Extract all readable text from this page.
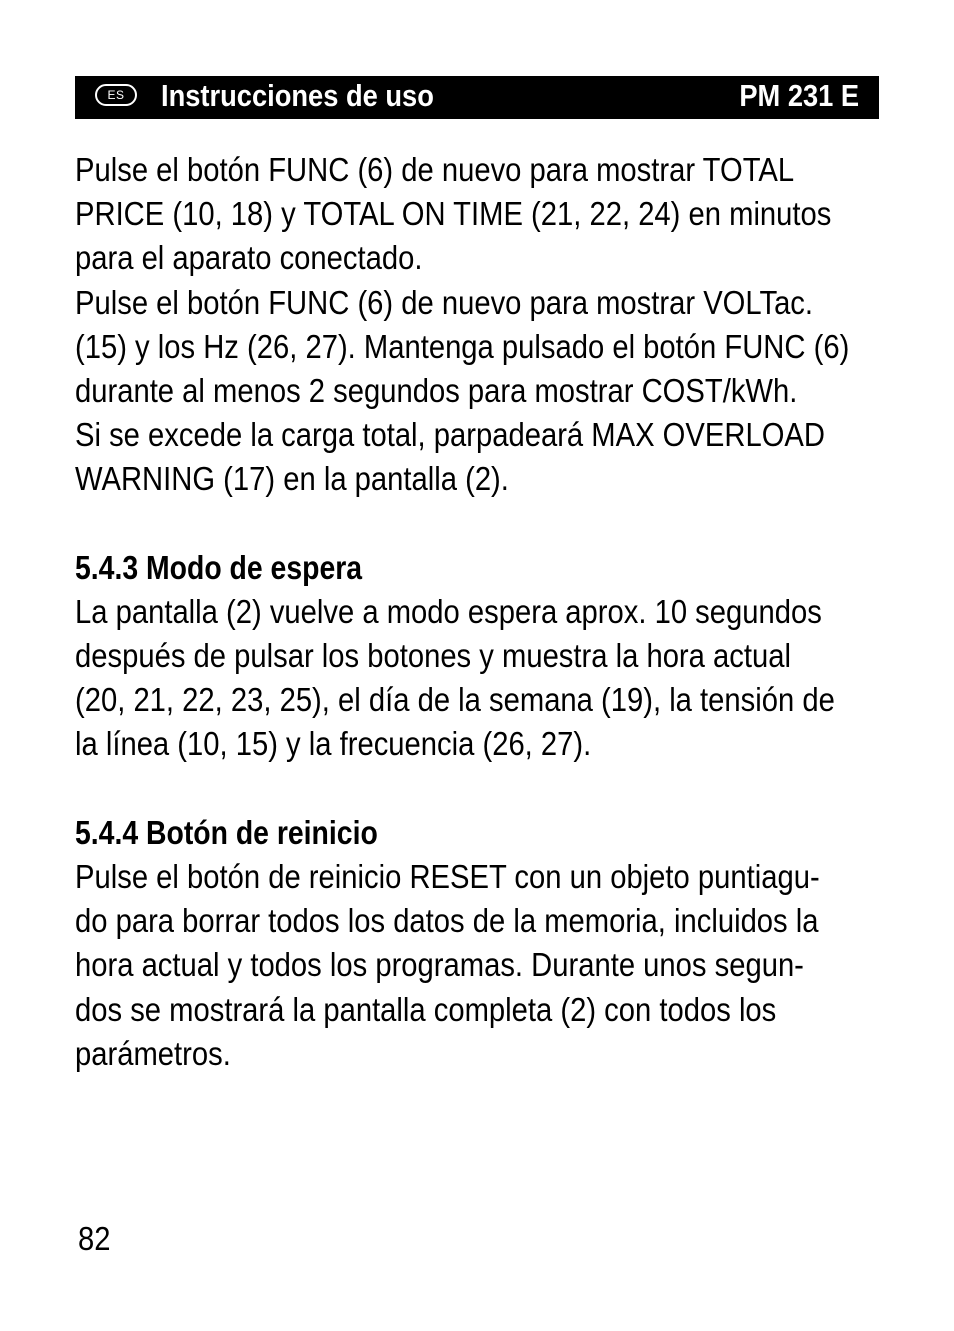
ES	Instrucciones de uso	PM 231 E
Pulse el botón FUNC (6) de nuevo para mostrar TOTAL
PRICE (10, 18) y TOTAL ON TIME (21, 22, 24) en minutos
para el aparato conectado.
Pulse el botón FUNC (6) de nuevo para mostrar VOLTac.
(15) y los Hz (26, 27). Mantenga pulsado el botón FUNC (6)
durante al menos 2 segundos para mostrar COST/kWh.
Si se excede la carga total, parpadeará MAX OVERLOAD
WARNING (17) en la pantalla (2).
5.4.3 Modo de espera
La pantalla (2) vuelve a modo espera aprox. 10 segundos
después de pulsar los botones y muestra la hora actual
(20, 21, 22, 23, 25), el día de la semana (19), la tensión de
la línea (10, 15) y la frecuencia (26, 27).
5.4.4 Botón de reinicio
Pulse el botón de reinicio RESET con un objeto puntiagu-
do para borrar todos los datos de la memoria, incluidos la
hora actual y todos los programas. Durante unos segun-
dos se mostrará la pantalla completa (2) con todos los
parámetros.
82
